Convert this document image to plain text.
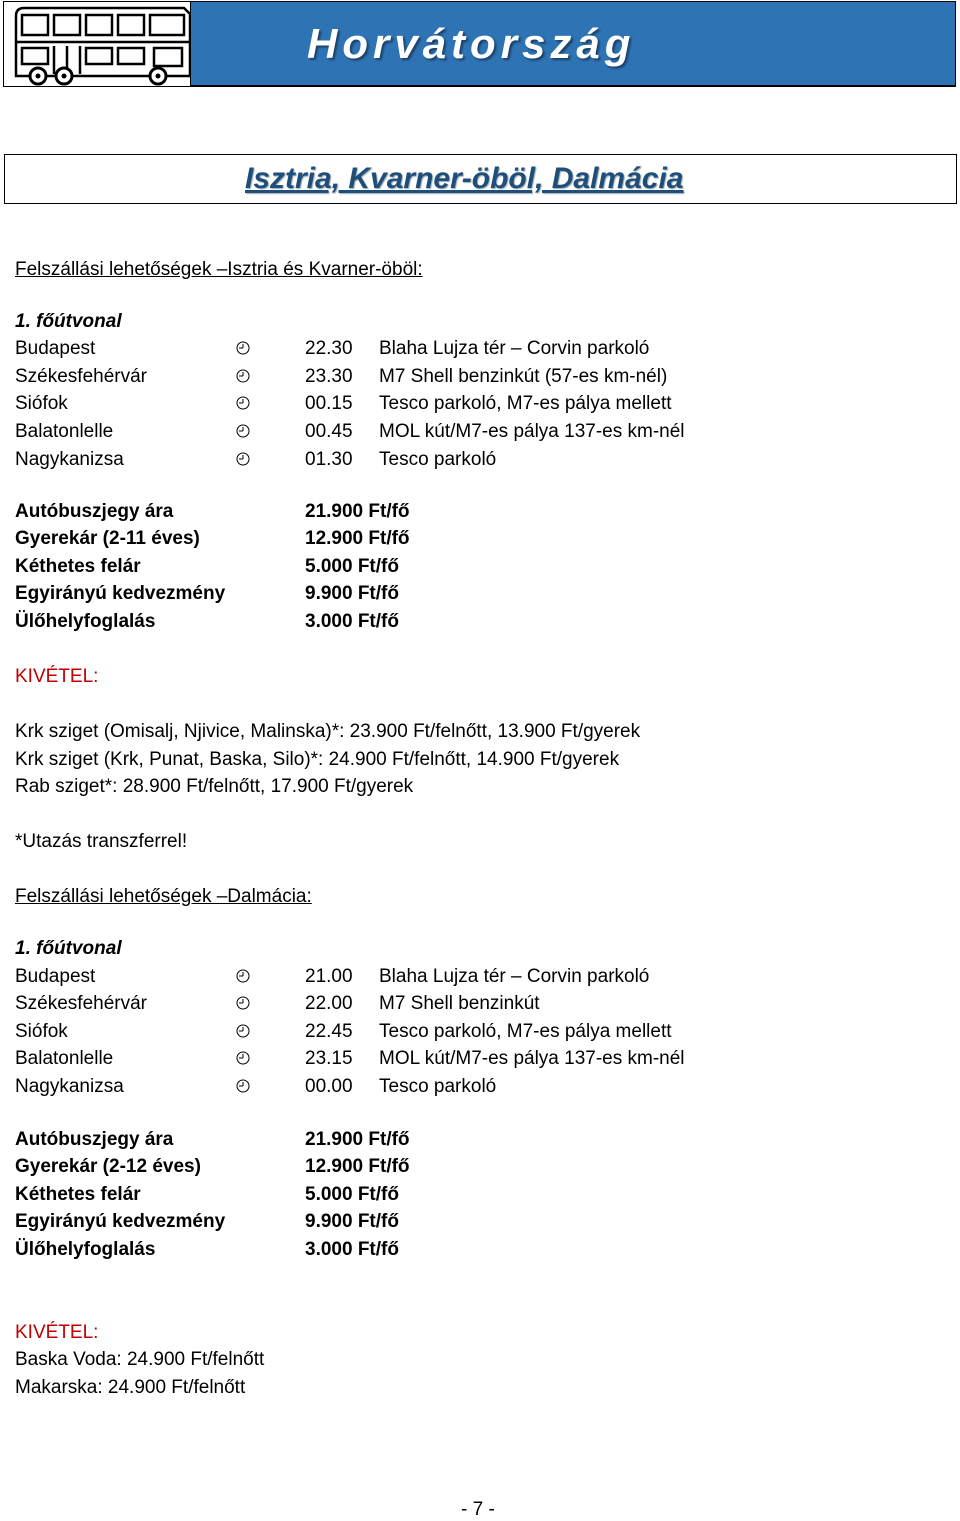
Horvátország
Isztria, Kvarner-öböl, Dalmácia
Felszállási lehetőségek –Isztria és Kvarner-öböl:
1. főútvonal
Budapest	22.30 Blaha Lujza tér – Corvin parkoló
Székesfehérvár	23.30 M7 Shell benzinkút (57-es km-nél)
Siófok	00.15 Tesco parkoló, M7-es pálya mellett
Balatonlelle	00.45 MOL kút/M7-es pálya 137-es km-nél
Nagykanizsa	01.30 Tesco parkoló
Autóbuszjegy ára	21.900 Ft/fő
Gyerekár (2-11 éves)	12.900 Ft/fő
Kéthetes felár	5.000 Ft/fő
Egyirányú kedvezmény	9.900 Ft/fő
Ülőhelyfoglalás	3.000 Ft/fő
KIVÉTEL:
Krk sziget (Omisalj, Njivice, Malinska)*: 23.900 Ft/felnőtt, 13.900 Ft/gyerek
Krk sziget (Krk, Punat, Baska, Silo)*: 24.900 Ft/felnőtt, 14.900 Ft/gyerek
Rab sziget*: 28.900 Ft/felnőtt, 17.900 Ft/gyerek
*Utazás transzferrel!
Felszállási lehetőségek –Dalmácia:
1. főútvonal
Budapest	21.00 Blaha Lujza tér – Corvin parkoló
Székesfehérvár	22.00 M7 Shell benzinkút
Siófok	22.45 Tesco parkoló, M7-es pálya mellett
Balatonlelle	23.15 MOL kút/M7-es pálya 137-es km-nél
Nagykanizsa	00.00 Tesco parkoló
Autóbuszjegy ára	21.900 Ft/fő
Gyerekár (2-12 éves)	12.900 Ft/fő
Kéthetes felár	5.000 Ft/fő
Egyirányú kedvezmény	9.900 Ft/fő
Ülőhelyfoglalás	3.000 Ft/fő
KIVÉTEL:
Baska Voda: 24.900 Ft/felnőtt
Makarska: 24.900 Ft/felnőtt
- 7 -
